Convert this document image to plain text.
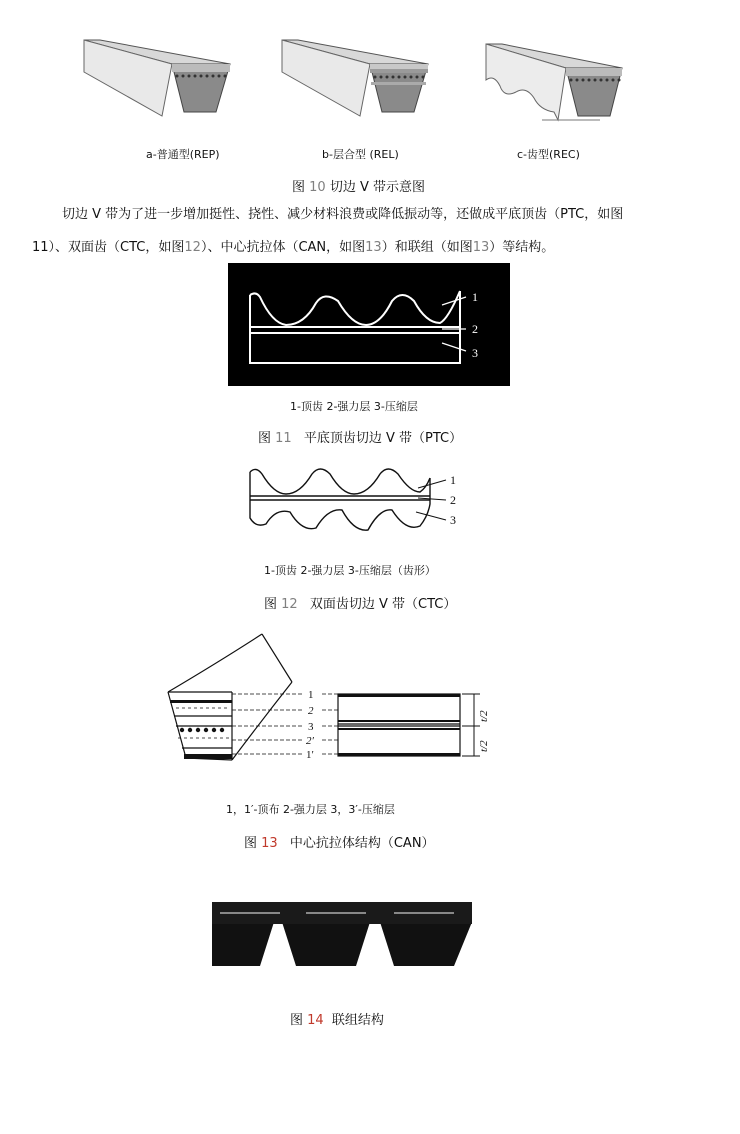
a-普通型(REP)	b-层合型 (REL)	c-齿型(REC)
图 10 切边 V 带示意图
切边 V 带为了进一步增加挺性、挠性、减少材料浪费或降低振动等，还做成平底顶齿（PTC，如图
11）、双面齿（CTC，如图12）、中心抗拉体（CAN，如图13）和联组（如图13）等结构。
1
2
3
1-顶齿 2-强力层 3-压缩层
图 11 平底顶齿切边 V 带（PTC）
1
2
3
1-顶齿 2-强力层 3-压缩层（齿形）
图 12 双面齿切边 V 带（CTC）
1
2
3
2′
1′
t/2
t/2
1，1′-顶布 2-强力层 3，3′-压缩层
图 13 中心抗拉体结构（CAN）
图 14 联组结构
